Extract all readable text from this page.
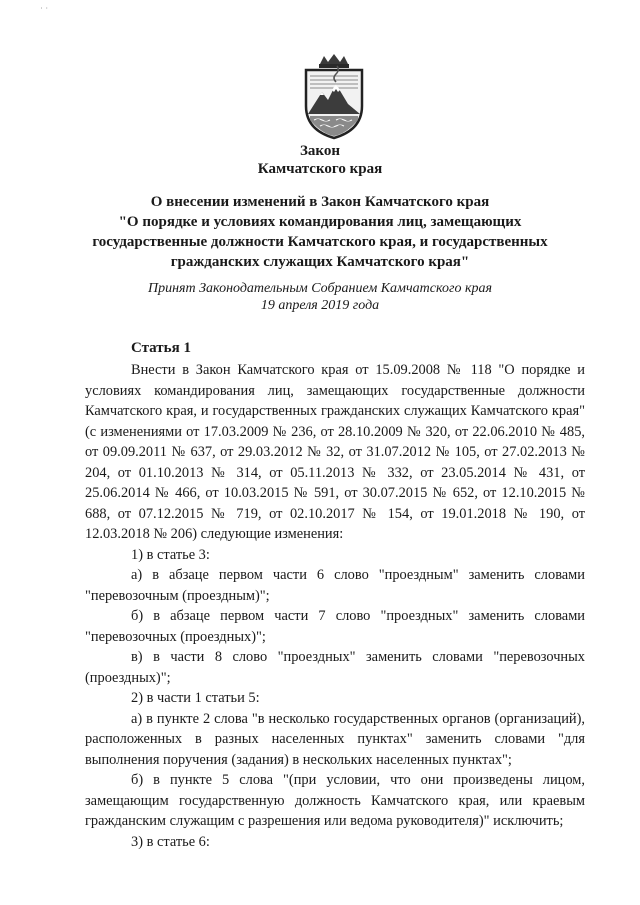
˙ ˙
Закон
Камчатского края
О внесении изменений в Закон Камчатского края
"О порядке и условиях командирования лиц, замещающих
государственные должности Камчатского края, и государственных
гражданских служащих Камчатского края"
Принят Законодательным Собранием Камчатского края
19 апреля 2019 года
Статья 1

Внести в Закон Камчатского края от 15.09.2008 № 118 "О порядке и условиях командирования лиц, замещающих государственные должности Камчатского края, и государственных гражданских служащих Камчатского края" (с изменениями от 17.03.2009 № 236, от 28.10.2009 № 320, от 22.06.2010 № 485, от 09.09.2011 № 637, от 29.03.2012 № 32, от 31.07.2012 № 105, от 27.02.2013 № 204, от 01.10.2013 № 314, от 05.11.2013 № 332, от 23.05.2014 № 431, от 25.06.2014 № 466, от 10.03.2015 № 591, от 30.07.2015 № 652, от 12.10.2015 № 688, от 07.12.2015 № 719, от 02.10.2017 № 154, от 19.01.2018 № 190, от 12.03.2018 № 206) следующие изменения:

1) в статье 3:

а) в абзаце первом части 6 слово "проездным" заменить словами "перевозочным (проездным)";

б) в абзаце первом части 7 слово "проездных" заменить словами "перевозочных (проездных)";

в) в части 8 слово "проездных" заменить словами "перевозочных (проездных)";

2) в части 1 статьи 5:

а) в пункте 2 слова "в несколько государственных органов (организаций), расположенных в разных населенных пунктах" заменить словами "для выполнения поручения (задания) в нескольких населенных пунктах";

б) в пункте 5 слова "(при условии, что они произведены лицом, замещающим государственную должность Камчатского края, или краевым гражданским служащим с разрешения или ведома руководителя)" исключить;

3) в статье 6:
